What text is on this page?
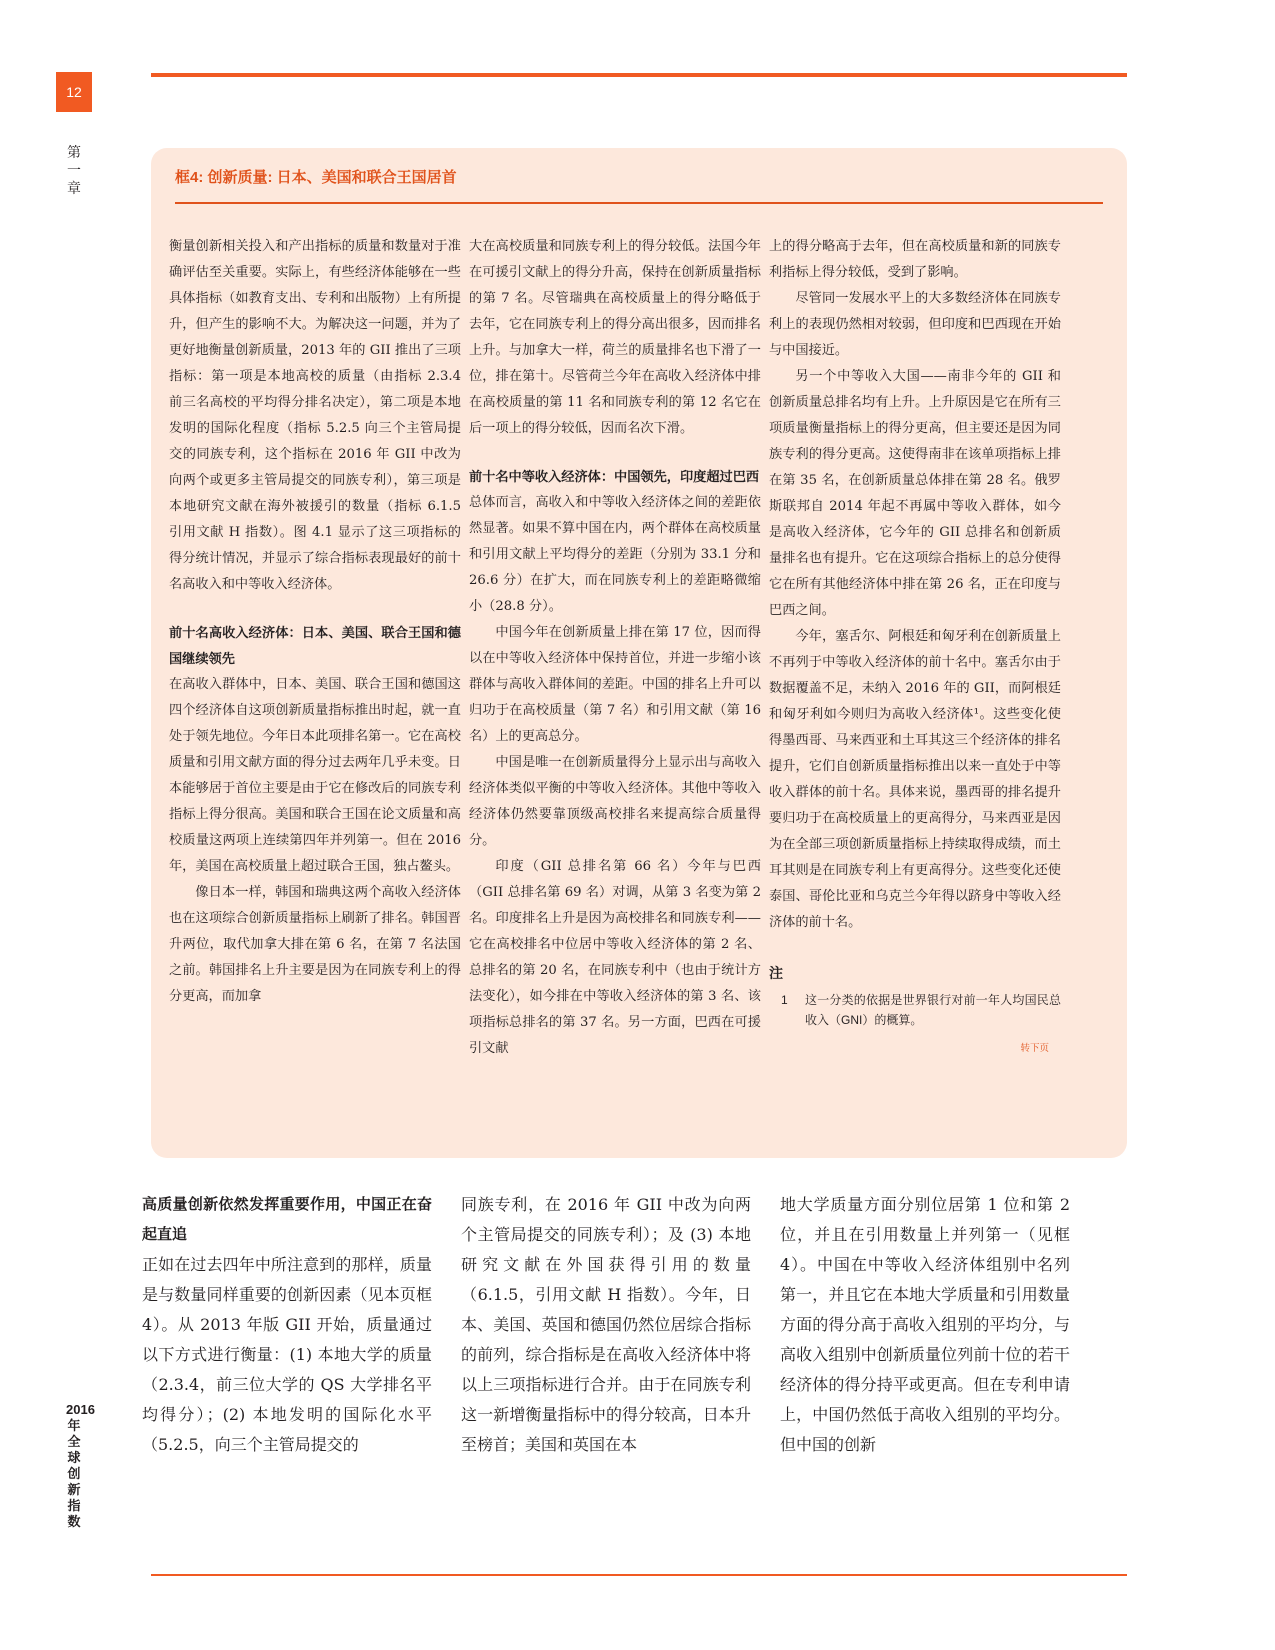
12
第一章
2016年全球创新指数
框4: 创新质量: 日本、美国和联合王国居首

衡量创新相关投入和产出指标的质量和数量对于准确评估至关重要。实际上，有些经济体能够在一些具体指标（如教育支出、专利和出版物）上有所提升，但产生的影响不大。为解决这一问题，并为了更好地衡量创新质量，2013 年的 GII 推出了三项指标：第一项是本地高校的质量（由指标 2.3.4 前三名高校的平均得分排名决定），第二项是本地发明的国际化程度（指标 5.2.5 向三个主管局提交的同族专利，这个指标在 2016 年 GII 中改为向两个或更多主管局提交的同族专利），第三项是本地研究文献在海外被援引的数量（指标 6.1.5 引用文献 H 指数）。图 4.1 显示了这三项指标的得分统计情况，并显示了综合指标表现最好的前十名高收入和中等收入经济体。

前十名高收入经济体：日本、美国、联合王国和德国继续领先

在高收入群体中，日本、美国、联合王国和德国这四个经济体自这项创新质量指标推出时起，就一直处于领先地位。今年日本此项排名第一。它在高校质量和引用文献方面的得分过去两年几乎未变。日本能够居于首位主要是由于它在修改后的同族专利指标上得分很高。美国和联合王国在论文质量和高校质量这两项上连续第四年并列第一。但在 2016 年，美国在高校质量上超过联合王国，独占鳌头。

像日本一样，韩国和瑞典这两个高收入经济体也在这项综合创新质量指标上刷新了排名。韩国晋升两位，取代加拿大排在第 6 名，在第 7 名法国之前。韩国排名上升主要是因为在同族专利上的得分更高，而加拿

大在高校质量和同族专利上的得分较低。法国今年在可援引文献上的得分升高，保持在创新质量指标的第 7 名。尽管瑞典在高校质量上的得分略低于去年，它在同族专利上的得分高出很多，因而排名上升。与加拿大一样，荷兰的质量排名也下滑了一位，排在第十。尽管荷兰今年在高收入经济体中排在高校质量的第 11 名和同族专利的第 12 名它在后一项上的得分较低，因而名次下滑。

前十名中等收入经济体：中国领先，印度超过巴西

总体而言，高收入和中等收入经济体之间的差距依然显著。如果不算中国在内，两个群体在高校质量和引用文献上平均得分的差距（分别为 33.1 分和 26.6 分）在扩大，而在同族专利上的差距略微缩小（28.8 分）。

中国今年在创新质量上排在第 17 位，因而得以在中等收入经济体中保持首位，并进一步缩小该群体与高收入群体间的差距。中国的排名上升可以归功于在高校质量（第 7 名）和引用文献（第 16 名）上的更高总分。

中国是唯一在创新质量得分上显示出与高收入经济体类似平衡的中等收入经济体。其他中等收入经济体仍然要靠顶级高校排名来提高综合质量得分。

印度（GII 总排名第 66 名）今年与巴西（GII 总排名第 69 名）对调，从第 3 名变为第 2 名。印度排名上升是因为高校排名和同族专利——它在高校排名中位居中等收入经济体的第 2 名、总排名的第 20 名，在同族专利中（也由于统计方法变化），如今排在中等收入经济体的第 3 名、该项指标总排名的第 37 名。另一方面，巴西在可援引文献

上的得分略高于去年，但在高校质量和新的同族专利指标上得分较低，受到了影响。

尽管同一发展水平上的大多数经济体在同族专利上的表现仍然相对较弱，但印度和巴西现在开始与中国接近。

另一个中等收入大国——南非今年的 GII 和创新质量总排名均有上升。上升原因是它在所有三项质量衡量指标上的得分更高，但主要还是因为同族专利的得分更高。这使得南非在该单项指标上排在第 35 名，在创新质量总体排在第 28 名。俄罗斯联邦自 2014 年起不再属中等收入群体，如今是高收入经济体，它今年的 GII 总排名和创新质量排名也有提升。它在这项综合指标上的总分使得它在所有其他经济体中排在第 26 名，正在印度与巴西之间。

今年，塞舌尔、阿根廷和匈牙利在创新质量上不再列于中等收入经济体的前十名中。塞舌尔由于数据覆盖不足，未纳入 2016 年的 GII，而阿根廷和匈牙利如今则归为高收入经济体¹。这些变化使得墨西哥、马来西亚和土耳其这三个经济体的排名提升，它们自创新质量指标推出以来一直处于中等收入群体的前十名。具体来说，墨西哥的排名提升要归功于在高校质量上的更高得分，马来西亚是因为在全部三项创新质量指标上持续取得成绩，而土耳其则是在同族专利上有更高得分。这些变化还使泰国、哥伦比亚和乌克兰今年得以跻身中等收入经济体的前十名。

注
1	这一分类的依据是世界银行对前一年人均国民总收入（GNI）的概算。
转下页
高质量创新依然发挥重要作用，中国正在奋起直追

正如在过去四年中所注意到的那样，质量是与数量同样重要的创新因素（见本页框 4）。从 2013 年版 GII 开始，质量通过以下方式进行衡量：(1) 本地大学的质量（2.3.4，前三位大学的 QS 大学排名平均得分）；(2) 本地发明的国际化水平（5.2.5，向三个主管局提交的

同族专利，在 2016 年 GII 中改为向两个主管局提交的同族专利）；及 (3) 本地研究文献在外国获得引用的数量（6.1.5，引用文献 H 指数）。今年，日本、美国、英国和德国仍然位居综合指标的前列，综合指标是在高收入经济体中将以上三项指标进行合并。由于在同族专利这一新增衡量指标中的得分较高，日本升至榜首；美国和英国在本

地大学质量方面分别位居第 1 位和第 2 位，并且在引用数量上并列第一（见框 4）。中国在中等收入经济体组别中名列第一，并且它在本地大学质量和引用数量方面的得分高于高收入组别的平均分，与高收入组别中创新质量位列前十位的若干经济体的得分持平或更高。但在专利申请上，中国仍然低于高收入组别的平均分。但中国的创新
